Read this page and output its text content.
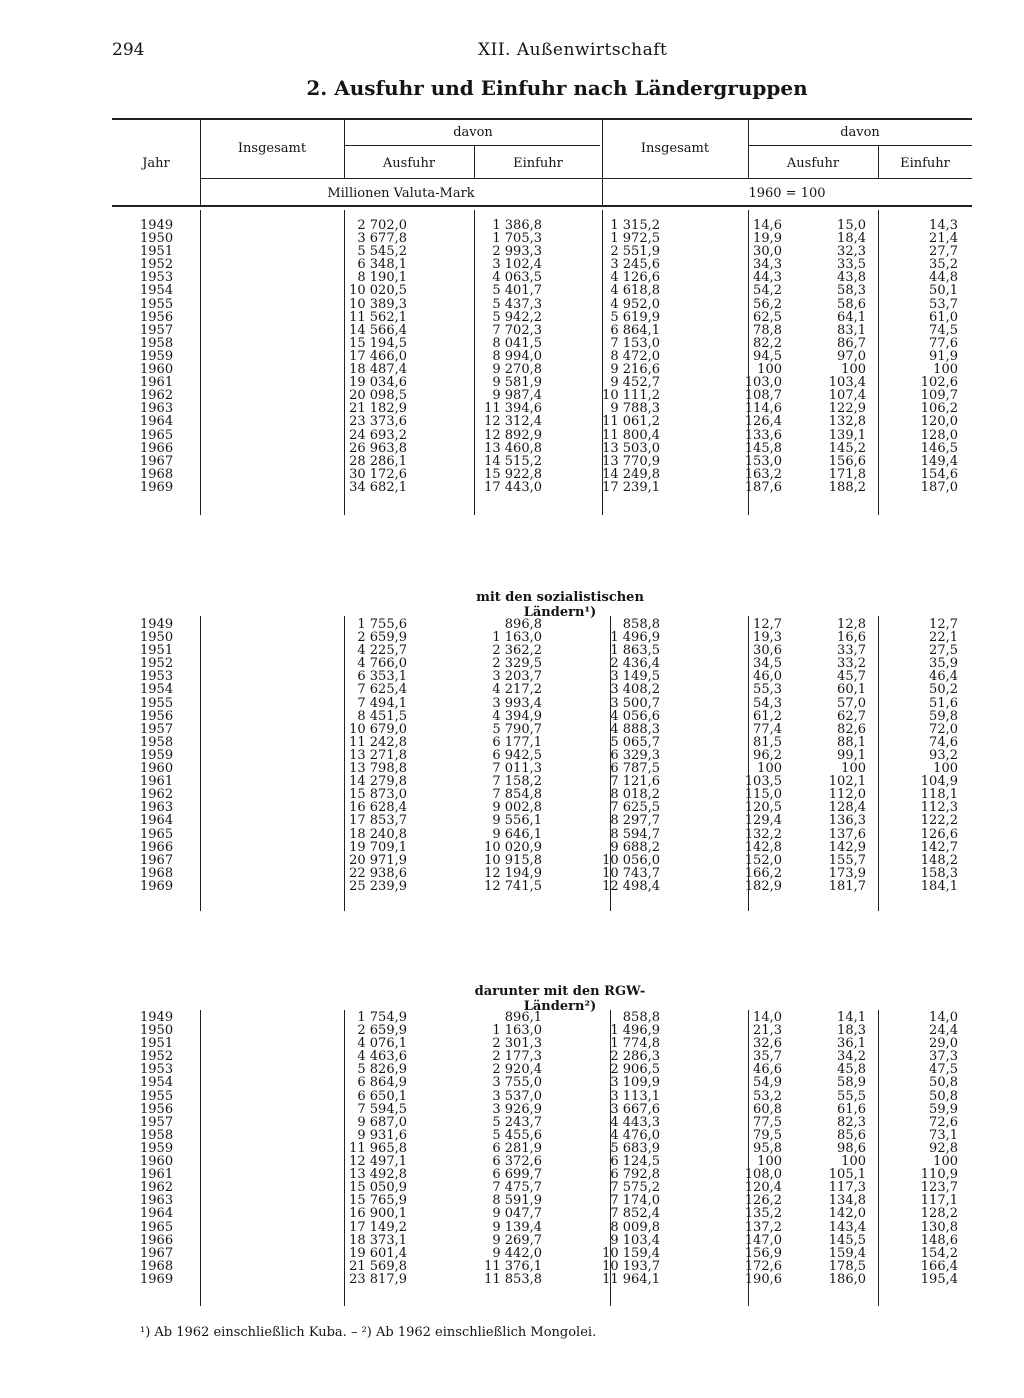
294	XII. Außenwirtschaft
2. Ausfuhr und Einfuhr nach Ländergruppen
Jahr
Insgesamt
davon
Ausfuhr	Einfuhr
Millionen Valuta-Mark
Insgesamt
davon
Ausfuhr	Einfuhr
1960 = 100
1949	2 702,0	1 386,8	1 315,2	14,6	15,0	14,3
1950	3 677,8	1 705,3	1 972,5	19,9	18,4	21,4
1951	5 545,2	2 993,3	2 551,9	30,0	32,3	27,7
1952	6 348,1	3 102,4	3 245,6	34,3	33,5	35,2
1953	8 190,1	4 063,5	4 126,6	44,3	43,8	44,8
1954	10 020,5	5 401,7	4 618,8	54,2	58,3	50,1
1955	10 389,3	5 437,3	4 952,0	56,2	58,6	53,7
1956	11 562,1	5 942,2	5 619,9	62,5	64,1	61,0
1957	14 566,4	7 702,3	6 864,1	78,8	83,1	74,5
1958	15 194,5	8 041,5	7 153,0	82,2	86,7	77,6
1959	17 466,0	8 994,0	8 472,0	94,5	97,0	91,9
1960	18 487,4	9 270,8	9 216,6	100	100	100
1961	19 034,6	9 581,9	9 452,7	103,0	103,4	102,6
1962	20 098,5	9 987,4	10 111,2	108,7	107,4	109,7
1963	21 182,9	11 394,6	9 788,3	114,6	122,9	106,2
1964	23 373,6	12 312,4	11 061,2	126,4	132,8	120,0
1965	24 693,2	12 892,9	11 800,4	133,6	139,1	128,0
1966	26 963,8	13 460,8	13 503,0	145,8	145,2	146,5
1967	28 286,1	14 515,2	13 770,9	153,0	156,6	149,4
1968	30 172,6	15 922,8	14 249,8	163,2	171,8	154,6
1969	34 682,1	17 443,0	17 239,1	187,6	188,2	187,0
mit den sozialistischen Ländern¹)
1949	1 755,6	896,8	858,8	12,7	12,8	12,7
1950	2 659,9	1 163,0	1 496,9	19,3	16,6	22,1
1951	4 225,7	2 362,2	1 863,5	30,6	33,7	27,5
1952	4 766,0	2 329,5	2 436,4	34,5	33,2	35,9
1953	6 353,1	3 203,7	3 149,5	46,0	45,7	46,4
1954	7 625,4	4 217,2	3 408,2	55,3	60,1	50,2
1955	7 494,1	3 993,4	3 500,7	54,3	57,0	51,6
1956	8 451,5	4 394,9	4 056,6	61,2	62,7	59,8
1957	10 679,0	5 790,7	4 888,3	77,4	82,6	72,0
1958	11 242,8	6 177,1	5 065,7	81,5	88,1	74,6
1959	13 271,8	6 942,5	6 329,3	96,2	99,1	93,2
1960	13 798,8	7 011,3	6 787,5	100	100	100
1961	14 279,8	7 158,2	7 121,6	103,5	102,1	104,9
1962	15 873,0	7 854,8	8 018,2	115,0	112,0	118,1
1963	16 628,4	9 002,8	7 625,5	120,5	128,4	112,3
1964	17 853,7	9 556,1	8 297,7	129,4	136,3	122,2
1965	18 240,8	9 646,1	8 594,7	132,2	137,6	126,6
1966	19 709,1	10 020,9	9 688,2	142,8	142,9	142,7
1967	20 971,9	10 915,8	10 056,0	152,0	155,7	148,2
1968	22 938,6	12 194,9	10 743,7	166,2	173,9	158,3
1969	25 239,9	12 741,5	12 498,4	182,9	181,7	184,1
darunter mit den RGW-Ländern²)
1949	1 754,9	896,1	858,8	14,0	14,1	14,0
1950	2 659,9	1 163,0	1 496,9	21,3	18,3	24,4
1951	4 076,1	2 301,3	1 774,8	32,6	36,1	29,0
1952	4 463,6	2 177,3	2 286,3	35,7	34,2	37,3
1953	5 826,9	2 920,4	2 906,5	46,6	45,8	47,5
1954	6 864,9	3 755,0	3 109,9	54,9	58,9	50,8
1955	6 650,1	3 537,0	3 113,1	53,2	55,5	50,8
1956	7 594,5	3 926,9	3 667,6	60,8	61,6	59,9
1957	9 687,0	5 243,7	4 443,3	77,5	82,3	72,6
1958	9 931,6	5 455,6	4 476,0	79,5	85,6	73,1
1959	11 965,8	6 281,9	5 683,9	95,8	98,6	92,8
1960	12 497,1	6 372,6	6 124,5	100	100	100
1961	13 492,8	6 699,7	6 792,8	108,0	105,1	110,9
1962	15 050,9	7 475,7	7 575,2	120,4	117,3	123,7
1963	15 765,9	8 591,9	7 174,0	126,2	134,8	117,1
1964	16 900,1	9 047,7	7 852,4	135,2	142,0	128,2
1965	17 149,2	9 139,4	8 009,8	137,2	143,4	130,8
1966	18 373,1	9 269,7	9 103,4	147,0	145,5	148,6
1967	19 601,4	9 442,0	10 159,4	156,9	159,4	154,2
1968	21 569,8	11 376,1	10 193,7	172,6	178,5	166,4
1969	23 817,9	11 853,8	11 964,1	190,6	186,0	195,4
¹) Ab 1962 einschließlich Kuba. – ²) Ab 1962 einschließlich Mongolei.
